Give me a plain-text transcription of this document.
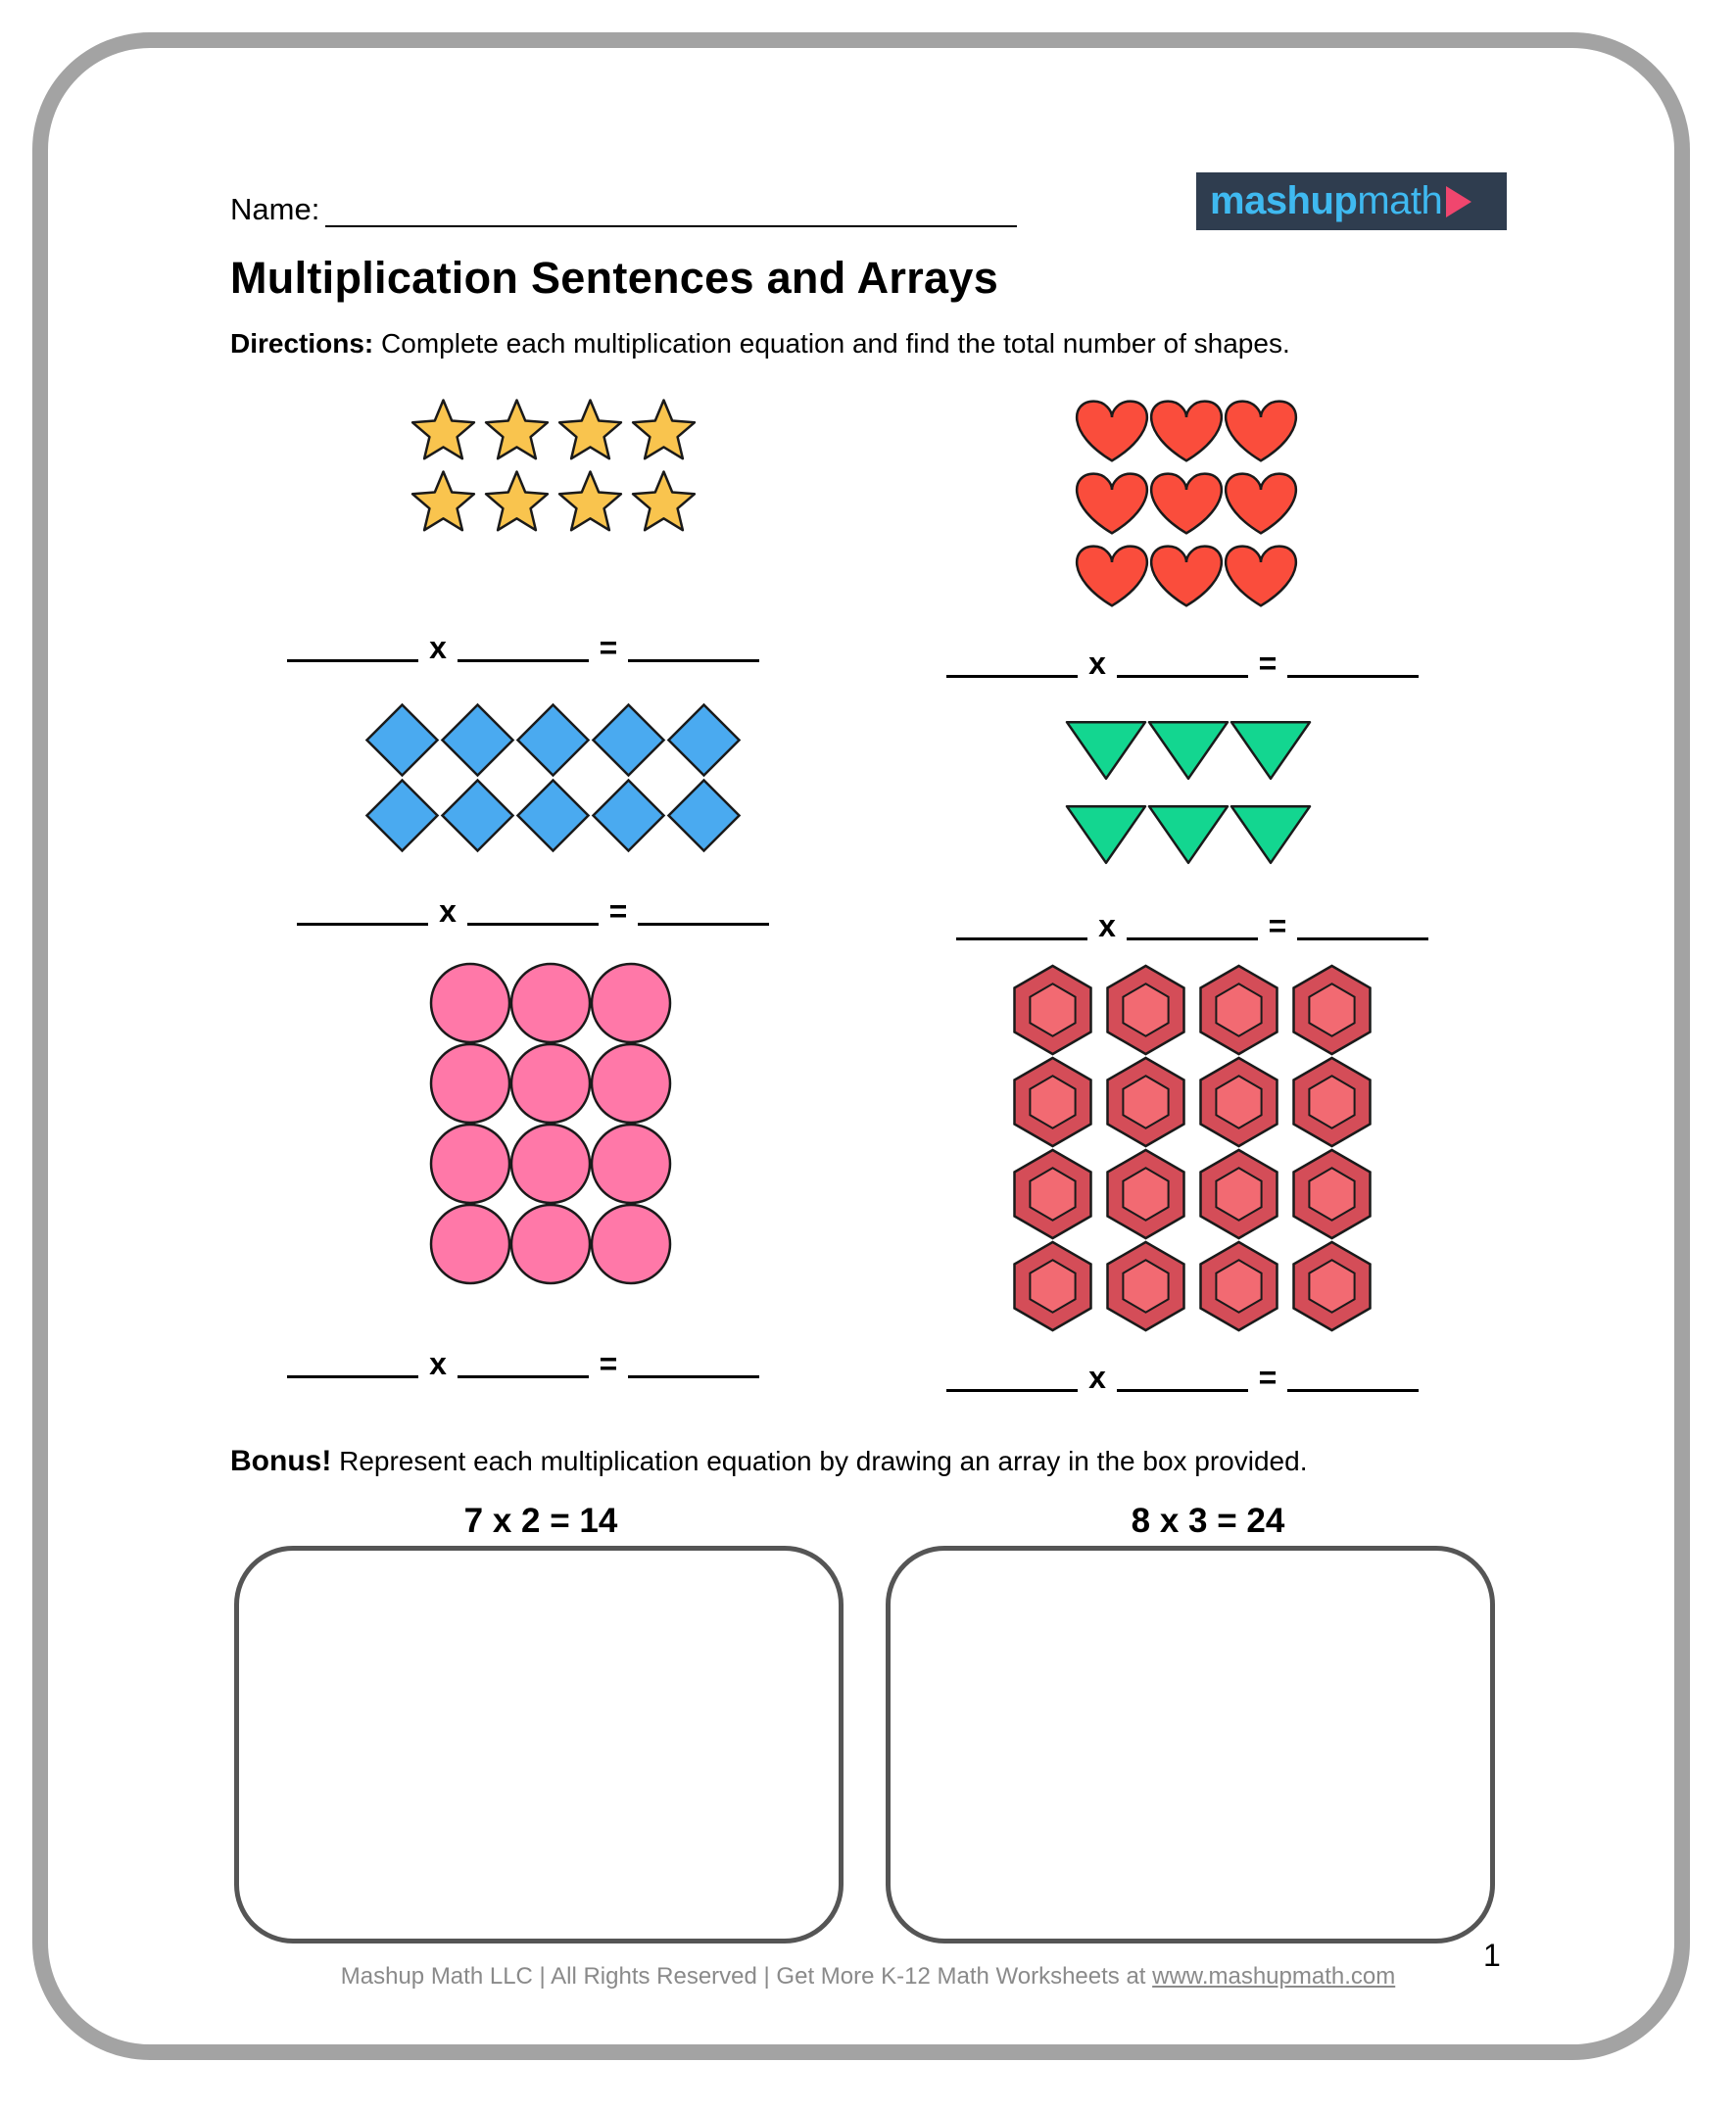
Name:	mashup math
Multiplication Sentences and Arrays
Directions: Complete each multiplication equation and find the total number of shapes.
x	=	x	=
x	=	x	=
x	=	x	=
Bonus! Represent each multiplication equation by drawing an array in the box provided.
7 x 2 = 14	8 x 3 = 24
1
Mashup Math LLC | All Rights Reserved | Get More K-12 Math Worksheets at www.mashupmath.com
